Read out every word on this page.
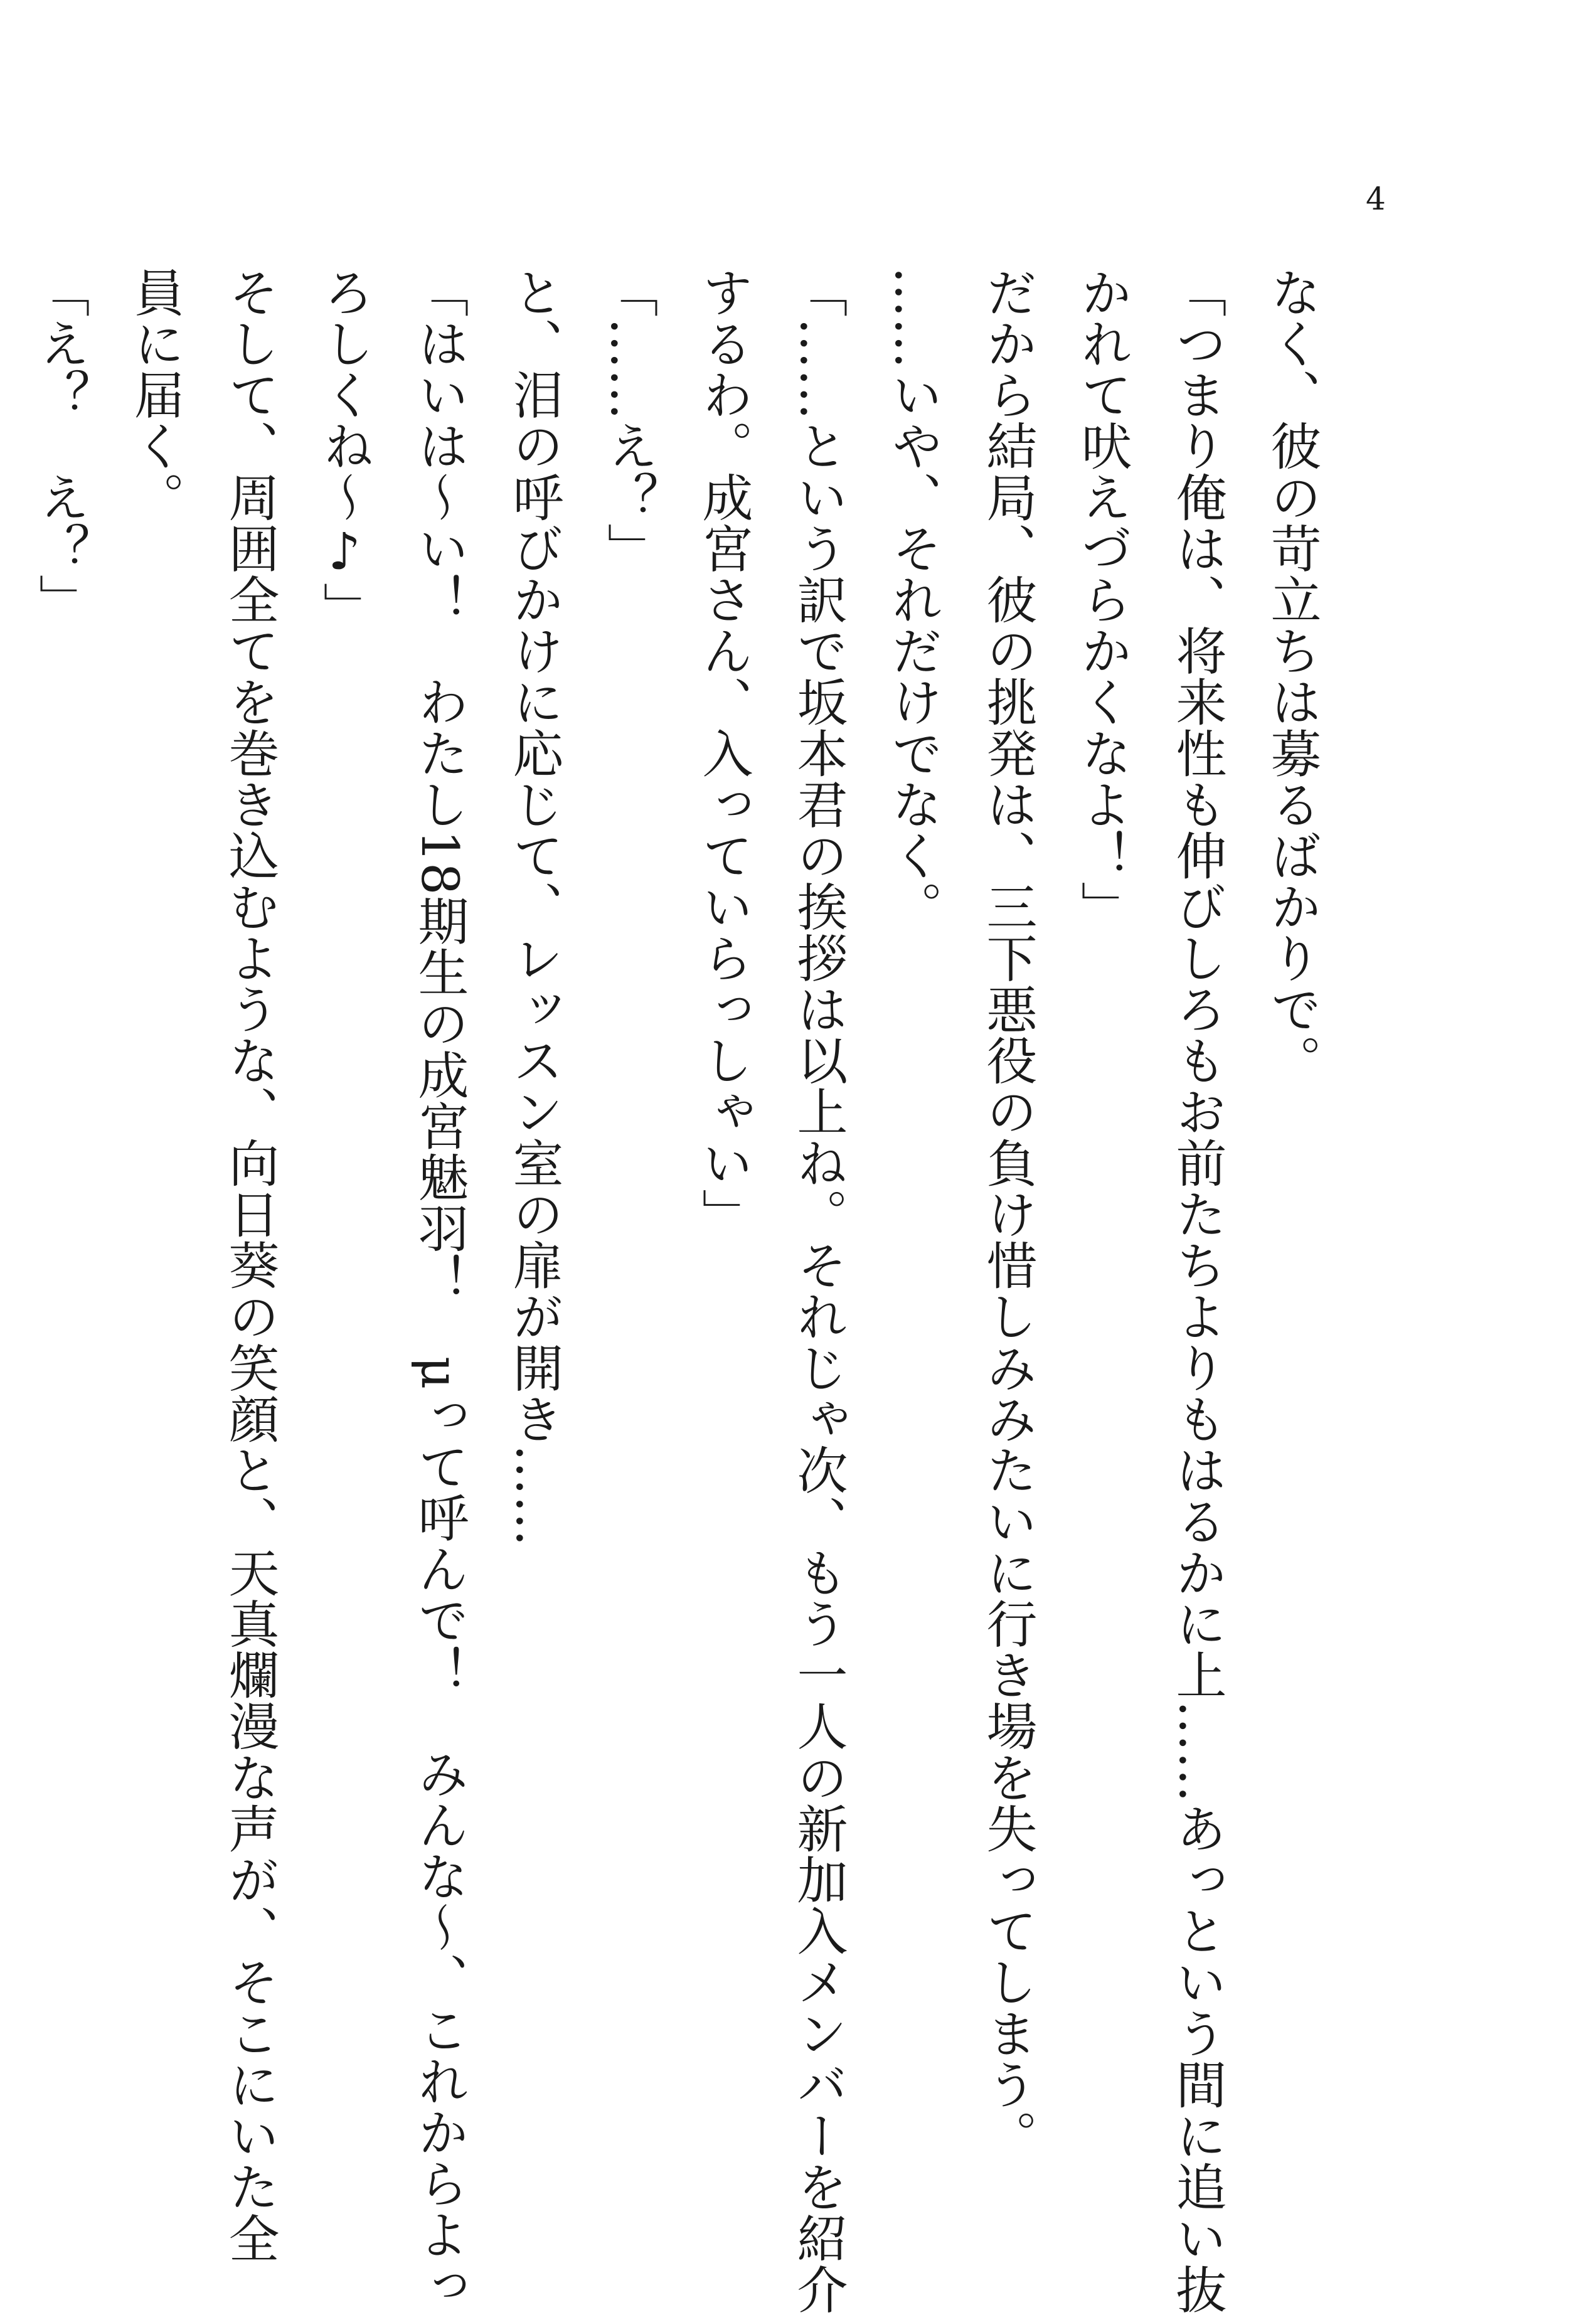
4

なく、彼の苛立ちは募るばかりで。

「つまり俺は、将来性も伸びしろもお前たちよりもはるかに上……あっという間に追い抜

かれて吠えづらかくなよ！」

だから結局、彼の挑発は、三下悪役の負け惜しみみたいに行き場を失ってしまう。

……いや、それだけでなく。

「……という訳で坂本君の挨拶は以上ね。それじゃ次、もう一人の新加入メンバーを紹介

するわ。成宮さん、入っていらっしゃい」

「……え？」

と、泪の呼びかけに応じて、レッスン室の扉が開き……

「はいは～い！　わたし18期生の成宮魅羽！　μって呼んで！　みんな～、これからよっ

ろしくね～♪」

そして、周囲全てを巻き込むような、向日葵の笑顔と、天真爛漫な声が、そこにいた全

員に届く。

「え？　え？」
